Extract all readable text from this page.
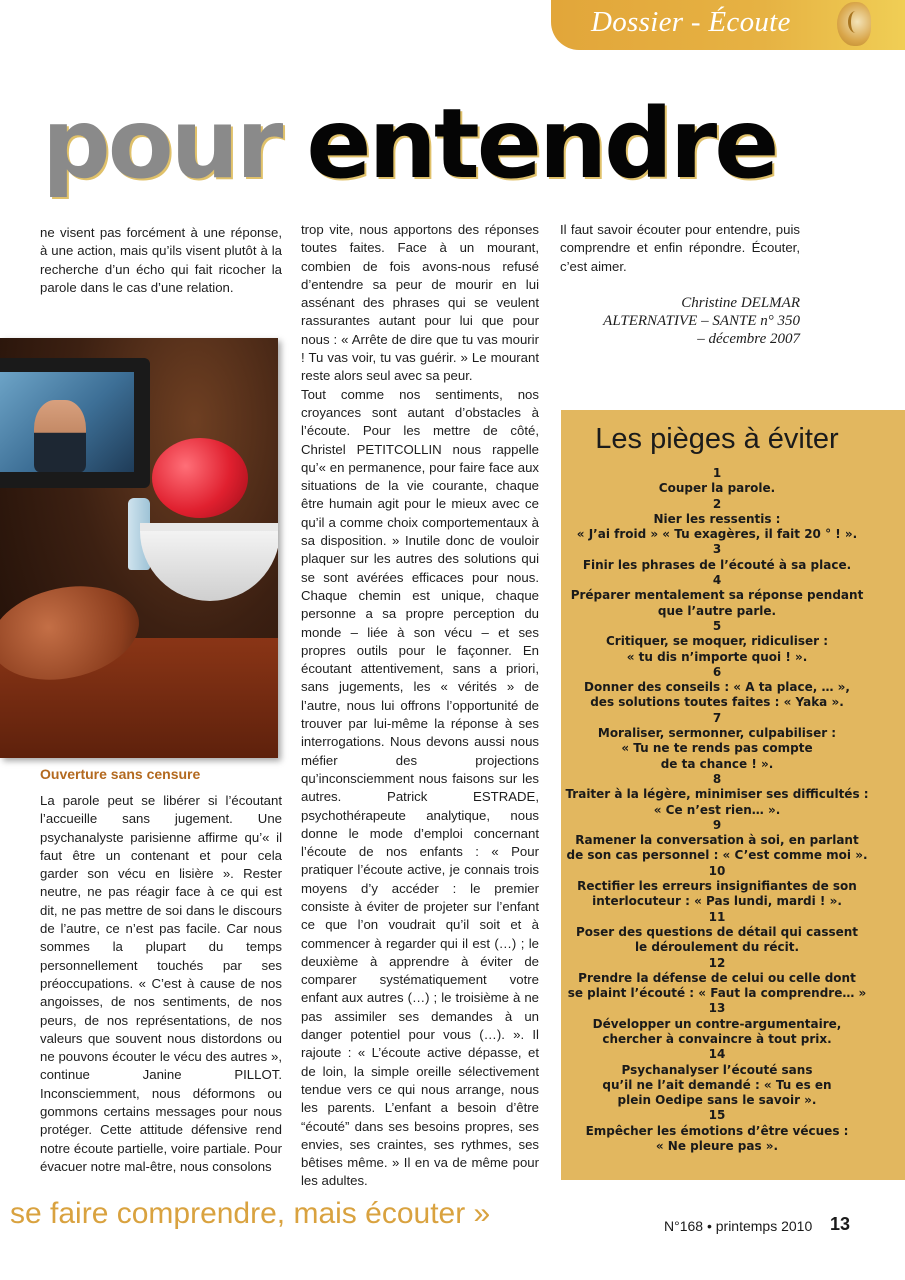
Dossier - Écoute
pour entendre

ne visent pas forcément à une réponse, à une action, mais qu’ils visent plutôt à la recherche d’un écho qui fait ricocher la parole dans le cas d’une relation.

Ouverture sans censure

La parole peut se libérer si l’écoutant l’accueille sans jugement. Une psychanalyste parisienne affirme qu’« il faut être un contenant et pour cela garder son vécu en lisière ». Rester neutre, ne pas réagir face à ce qui est dit, ne pas mettre de soi dans le discours de l’autre, ce n’est pas facile. Car nous sommes la plupart du temps personnellement touchés par ses préoccupations. « C’est à cause de nos angoisses, de nos sentiments, de nos peurs, de nos représentations, de nos valeurs que souvent nous distordons ou ne pouvons écouter le vécu des autres », continue Janine PILLOT. Inconsciemment, nous déformons ou gommons certains messages pour nous protéger. Cette attitude défensive rend notre écoute partielle, voire partiale. Pour évacuer notre mal-être, nous consolons

trop vite, nous apportons des réponses toutes faites. Face à un mourant, combien de fois avons-nous refusé d’entendre sa peur de mourir en lui assénant des phrases qui se veulent rassurantes autant pour lui que pour nous : « Arrête de dire que tu vas mourir ! Tu vas voir, tu vas guérir. » Le mourant reste alors seul avec sa peur.

Tout comme nos sentiments, nos croyances sont autant d’obstacles à l’écoute. Pour les mettre de côté, Christel PETITCOLLIN nous rappelle qu’« en permanence, pour faire face aux situations de la vie courante, chaque être humain agit pour le mieux avec ce qu’il a comme choix comportementaux à sa disposition. » Inutile donc de vouloir plaquer sur les autres des solutions qui se sont avérées efficaces pour nous. Chaque chemin est unique, chaque personne a sa propre perception du monde – liée à son vécu – et ses propres outils pour le façonner. En écoutant attentivement, sans a priori, sans jugements, les « vérités » de l’autre, nous lui offrons l’opportunité de trouver par lui-même la réponse à ses interrogations. Nous devons aussi nous méfier des projections qu’inconsciemment nous faisons sur les autres. Patrick ESTRADE, psychothérapeute analytique, nous donne le mode d’emploi concernant l’écoute de nos enfants : « Pour pratiquer l’écoute active, je connais trois moyens d’y accéder : le premier consiste à éviter de projeter sur l’enfant ce que l’on voudrait qu’il soit et à commencer à regarder qui il est (…) ; le deuxième à apprendre à éviter de comparer systématiquement votre enfant aux autres (…) ; le troisième à ne pas assimiler ses demandes à un danger potentiel pour vous (…). ». Il rajoute : « L’écoute active dépasse, et de loin, la simple oreille sélectivement tendue vers ce qui nous arrange, nous les parents. L’enfant a besoin d’être “écouté” dans ses besoins propres, ses envies, ses craintes, ses rythmes, ses bêtises même. » Il en va de même pour les adultes.

Il faut savoir écouter pour entendre, puis comprendre et enfin répondre. Écouter, c’est aimer.

Christine DELMAR
ALTERNATIVE – SANTE n° 350
– décembre 2007
Les pièges à éviter
1
Couper la parole.
2
Nier les ressentis :
« J’ai froid » « Tu exagères, il fait 20 ° ! ».
3
Finir les phrases de l’écouté à sa place.
4
Préparer mentalement sa réponse pendant
que l’autre parle.
5
Critiquer, se moquer, ridiculiser :
« tu dis n’importe quoi ! ».
6
Donner des conseils : « A ta place, … »,
des solutions toutes faites : « Yaka ».
7
Moraliser, sermonner, culpabiliser :
« Tu ne te rends pas compte
de ta chance ! ».
8
Traiter à la légère, minimiser ses difficultés :
« Ce n’est rien… ».
9
Ramener la conversation à soi, en parlant
de son cas personnel : « C’est comme moi ».
10
Rectifier les erreurs insignifiantes de son
interlocuteur : « Pas lundi, mardi ! ».
11
Poser des questions de détail qui cassent
le déroulement du récit.
12
Prendre la défense de celui ou celle dont
se plaint l’écouté : « Faut la comprendre… »
13
Développer un contre-argumentaire,
chercher à convaincre à tout prix.
14
Psychanalyser l’écouté sans
qu’il ne l’ait demandé : « Tu es en
plein Oedipe sans le savoir ».
15
Empêcher les émotions d’être vécues :
« Ne pleure pas ».
se faire comprendre, mais écouter »	N°168 • printemps 2010 13
